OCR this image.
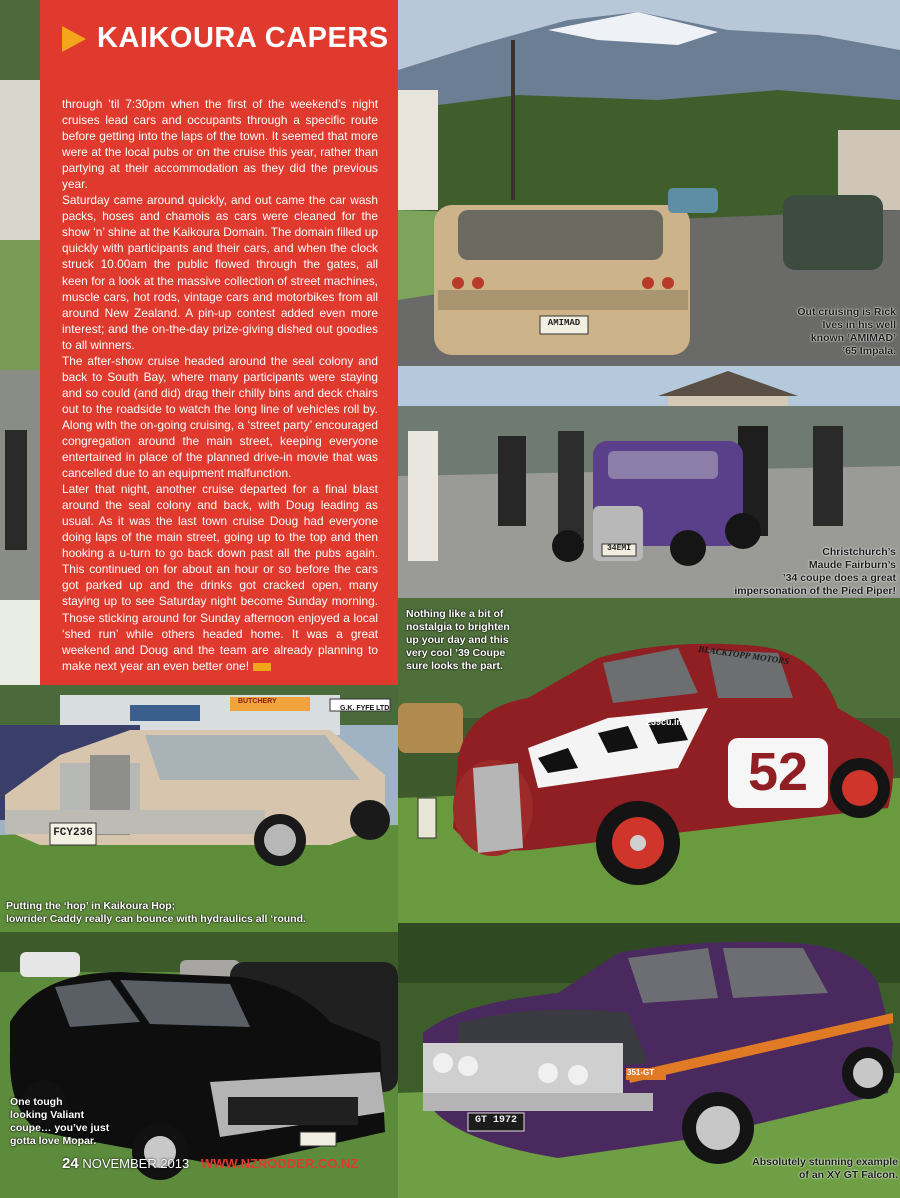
AMIMAD
KAIKOURA CAPERS

through ’til 7:30pm when the first of the weekend’s night cruises lead cars and occupants through a specific route before getting into the laps of the town. It seemed that more were at the local pubs or on the cruise this year, rather than partying at their accommodation as they did the previous year.

Saturday came around quickly, and out came the car wash packs, hoses and chamois as cars were cleaned for the show ‘n’ shine at the Kaikoura Domain. The domain filled up quickly with participants and their cars, and when the clock struck 10.00am the public flowed through the gates, all keen for a look at the massive collection of street machines, muscle cars, hot rods, vintage cars and motorbikes from all around New Zealand. A pin-up contest added even more interest; and the on-the-day prize-giving dished out goodies to all winners.

The after-show cruise headed around the seal colony and back to South Bay, where many participants were staying and so could (and did) drag their chilly bins and deck chairs out to the roadside to watch the long line of vehicles roll by. Along with the on-going cruising, a ‘street party’ encouraged congregation around the main street, keeping everyone entertained in place of the planned drive-in movie that was cancelled due to an equipment malfunction.

Later that night, another cruise departed for a final blast around the seal colony and back, with Doug leading as usual. As it was the last town cruise Doug had everyone doing laps of the main street, going up to the top and then hooking a u-turn to go back down past all the pubs again. This continued on for about an hour or so before the cars got parked up and the drinks got cracked open, many staying up to see Saturday night become Sunday morning. Those sticking around for Sunday afternoon enjoyed a local ‘shed run’ while others headed home. It was a great weekend and Doug and the team are already planning to make next year an even better one!

34EMI
FCY236
G.K. FYFE LTD
BUTCHERY
52
BLACKTOPP MOTORS
239cu.in
GT 1972
351-GT
Out cruising is Rick
Ives in his well
known ‘AMIMAD’
’65 Impala.
Christchurch’s
Maude Fairburn’s
’34 coupe does a great
impersonation of the Pied Piper!
Nothing like a bit of
nostalgia to brighten
up your day and this
very cool ’39 Coupe
sure looks the part.
Putting the ‘hop’ in Kaikoura Hop;
lowrider Caddy really can bounce with hydraulics all ‘round.
One tough
looking Valiant
coupe… you’ve just
gotta love Mopar.
Absolutely stunning example
of an XY GT Falcon.
24 NOVEMBER 2013 WWW.NZRODDER.CO.NZ
